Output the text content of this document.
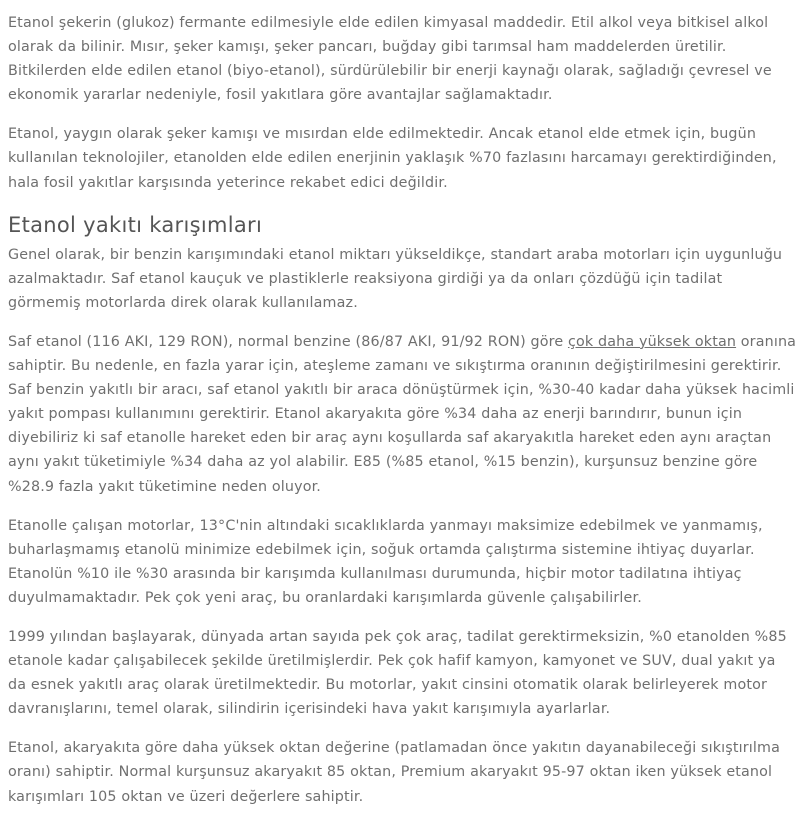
Etanol şekerin (glukoz) fermante edilmesiyle elde edilen kimyasal maddedir. Etil alkol veya bitkisel alkol olarak da bilinir. Mısır, şeker kamışı, şeker pancarı, buğday gibi tarımsal ham maddelerden üretilir. Bitkilerden elde edilen etanol (biyo-etanol), sürdürülebilir bir enerji kaynağı olarak, sağladığı çevresel ve ekonomik yararlar nedeniyle, fosil yakıtlara göre avantajlar sağlamaktadır.

Etanol, yaygın olarak şeker kamışı ve mısırdan elde edilmektedir. Ancak etanol elde etmek için, bugün kullanılan teknolojiler, etanolden elde edilen enerjinin yaklaşık %70 fazlasını harcamayı gerektirdiğinden, hala fosil yakıtlar karşısında yeterince rekabet edici değildir.

Etanol yakıtı karışımları

Genel olarak, bir benzin karışımındaki etanol miktarı yükseldikçe, standart araba motorları için uygunluğu azalmaktadır. Saf etanol kauçuk ve plastiklerle reaksiyona girdiği ya da onları çözdüğü için tadilat görmemiş motorlarda direk olarak kullanılamaz.

Saf etanol (116 AKI, 129 RON), normal benzine (86/87 AKI, 91/92 RON) göre çok daha yüksek oktan oranına sahiptir. Bu nedenle, en fazla yarar için, ateşleme zamanı ve sıkıştırma oranının değiştirilmesini gerektirir. Saf benzin yakıtlı bir aracı, saf etanol yakıtlı bir araca dönüştürmek için, %30-40 kadar daha yüksek hacimli yakıt pompası kullanımını gerektirir. Etanol akaryakıta göre %34 daha az enerji barındırır, bunun için diyebiliriz ki saf etanolle hareket eden bir araç aynı koşullarda saf akaryakıtla hareket eden aynı araçtan aynı yakıt tüketimiyle %34 daha az yol alabilir. E85 (%85 etanol, %15 benzin), kurşunsuz benzine göre %28.9 fazla yakıt tüketimine neden oluyor.

Etanolle çalışan motorlar, 13°C'nin altındaki sıcaklıklarda yanmayı maksimize edebilmek ve yanmamış, buharlaşmamış etanolü minimize edebilmek için, soğuk ortamda çalıştırma sistemine ihtiyaç duyarlar. Etanolün %10 ile %30 arasında bir karışımda kullanılması durumunda, hiçbir motor tadilatına ihtiyaç duyulmamaktadır. Pek çok yeni araç, bu oranlardaki karışımlarda güvenle çalışabilirler.

1999 yılından başlayarak, dünyada artan sayıda pek çok araç, tadilat gerektirmeksizin, %0 etanolden %85 etanole kadar çalışabilecek şekilde üretilmişlerdir. Pek çok hafif kamyon, kamyonet ve SUV, dual yakıt ya da esnek yakıtlı araç olarak üretilmektedir. Bu motorlar, yakıt cinsini otomatik olarak belirleyerek motor davranışlarını, temel olarak, silindirin içerisindeki hava yakıt karışımıyla ayarlarlar.

Etanol, akaryakıta göre daha yüksek oktan değerine (patlamadan önce yakıtın dayanabileceği sıkıştırılma oranı) sahiptir. Normal kurşunsuz akaryakıt 85 oktan, Premium akaryakıt 95-97 oktan iken yüksek etanol karışımları 105 oktan ve üzeri değerlere sahiptir.
